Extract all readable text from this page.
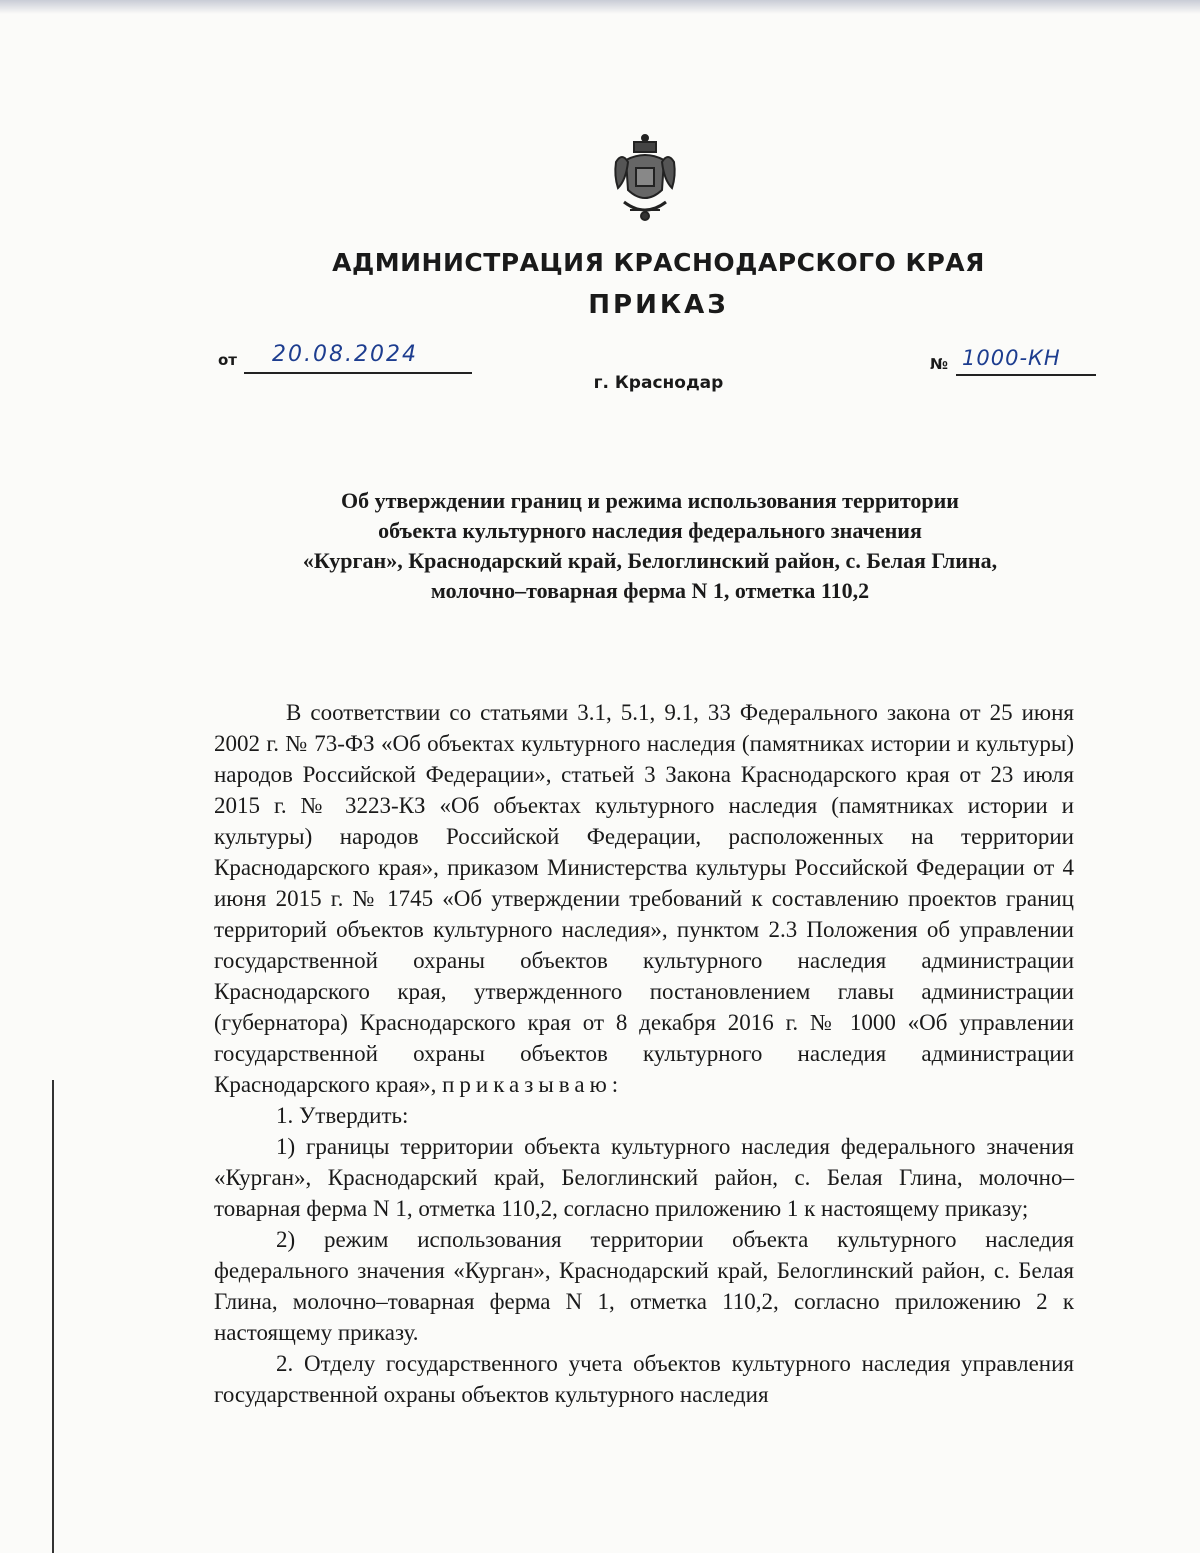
АДМИНИСТРАЦИЯ КРАСНОДАРСКОГО КРАЯ
ПРИКАЗ
от 20.08.2024
г. Краснодар
№ 1000-КН
Об утверждении границ и режима использования территории
объекта культурного наследия федерального значения
«Курган», Краснодарский край, Белоглинский район, с. Белая Глина,
молочно–товарная ферма N 1, отметка 110,2

В соответствии со статьями 3.1, 5.1, 9.1, 33 Федерального закона от 25 июня 2002 г. № 73-ФЗ «Об объектах культурного наследия (памятниках истории и культуры) народов Российской Федерации», статьей 3 Закона Краснодарского края от 23 июля 2015 г. № 3223-КЗ «Об объектах культурного наследия (памятниках истории и культуры) народов Российской Федерации, расположенных на территории Краснодарского края», приказом Министерства культуры Российской Федерации от 4 июня 2015 г. № 1745 «Об утверждении требований к составлению проектов границ территорий объектов культурного наследия», пунктом 2.3 Положения об управлении государственной охраны объектов культурного наследия администрации Краснодарского края, утвержденного постановлением главы администрации (губернатора) Краснодарского края от 8 декабря 2016 г. № 1000 «Об управлении государственной охраны объектов культурного наследия администрации Краснодарского края», приказываю:

1. Утвердить:

1) границы территории объекта культурного наследия федерального значения «Курган», Краснодарский край, Белоглинский район, с. Белая Глина, молочно–товарная ферма N 1, отметка 110,2, согласно приложению 1 к настоящему приказу;

2) режим использования территории объекта культурного наследия федерального значения «Курган», Краснодарский край, Белоглинский район, с. Белая Глина, молочно–товарная ферма N 1, отметка 110,2, согласно приложению 2 к настоящему приказу.

2. Отделу государственного учета объектов культурного наследия управления государственной охраны объектов культурного наследия
